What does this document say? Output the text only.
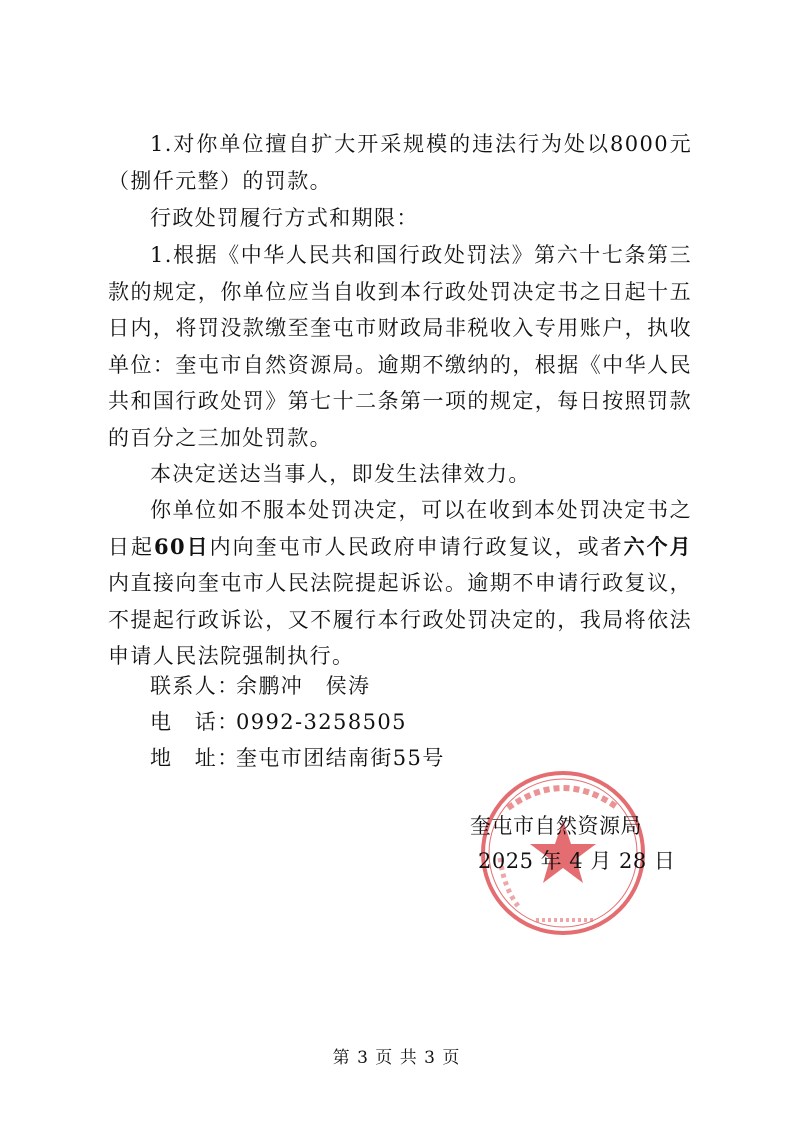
1.对你单位擅自扩大开采规模的违法行为处以8000元（捌仟元整）的罚款。

行政处罚履行方式和期限：

1.根据《中华人民共和国行政处罚法》第六十七条第三款的规定，你单位应当自收到本行政处罚决定书之日起十五日内，将罚没款缴至奎屯市财政局非税收入专用账户，执收单位：奎屯市自然资源局。逾期不缴纳的，根据《中华人民共和国行政处罚》第七十二条第一项的规定，每日按照罚款的百分之三加处罚款。

本决定送达当事人，即发生法律效力。

你单位如不服本处罚决定，可以在收到本处罚决定书之日起60日内向奎屯市人民政府申请行政复议，或者六个月内直接向奎屯市人民法院提起诉讼。逾期不申请行政复议，不提起行政诉讼，又不履行本行政处罚决定的，我局将依法申请人民法院强制执行。

联系人：余鹏冲　侯涛
电　话：0992-3258505
地　址：奎屯市团结南街55号
奎屯市自然资源局
2025 年 4 月 28 日
第 3 页 共 3 页
